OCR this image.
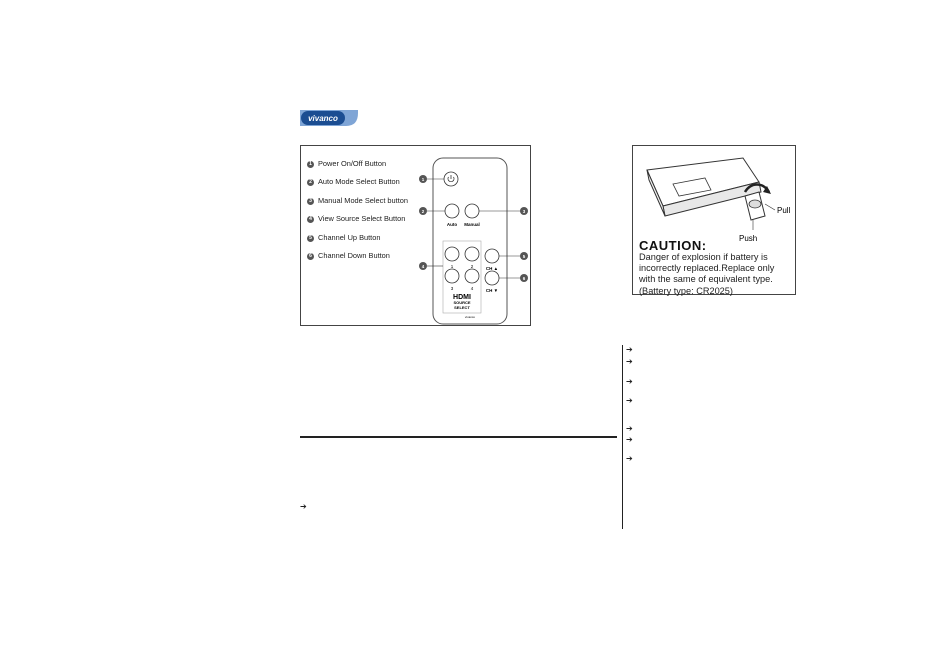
vivanco
1 Power On/Off Button
2 Auto Mode Select Button
3 Manual Mode Select button
4 View Source Select Button
5 Channel Up Button
6 Channel Down Button
Auto Manual
1	2
3	4
HDMI
SOURCE
SELECT
CH ▲
CH ▼
vivanco
1
2	3
4
5
6
Pull
Push
CAUTION:
Danger of explosion if battery is incorrectly replaced.Replace only with the same of equivalent type. (Battery type: CR2025)
➔
➔
➔
➔
➔
➔
➔
➔
